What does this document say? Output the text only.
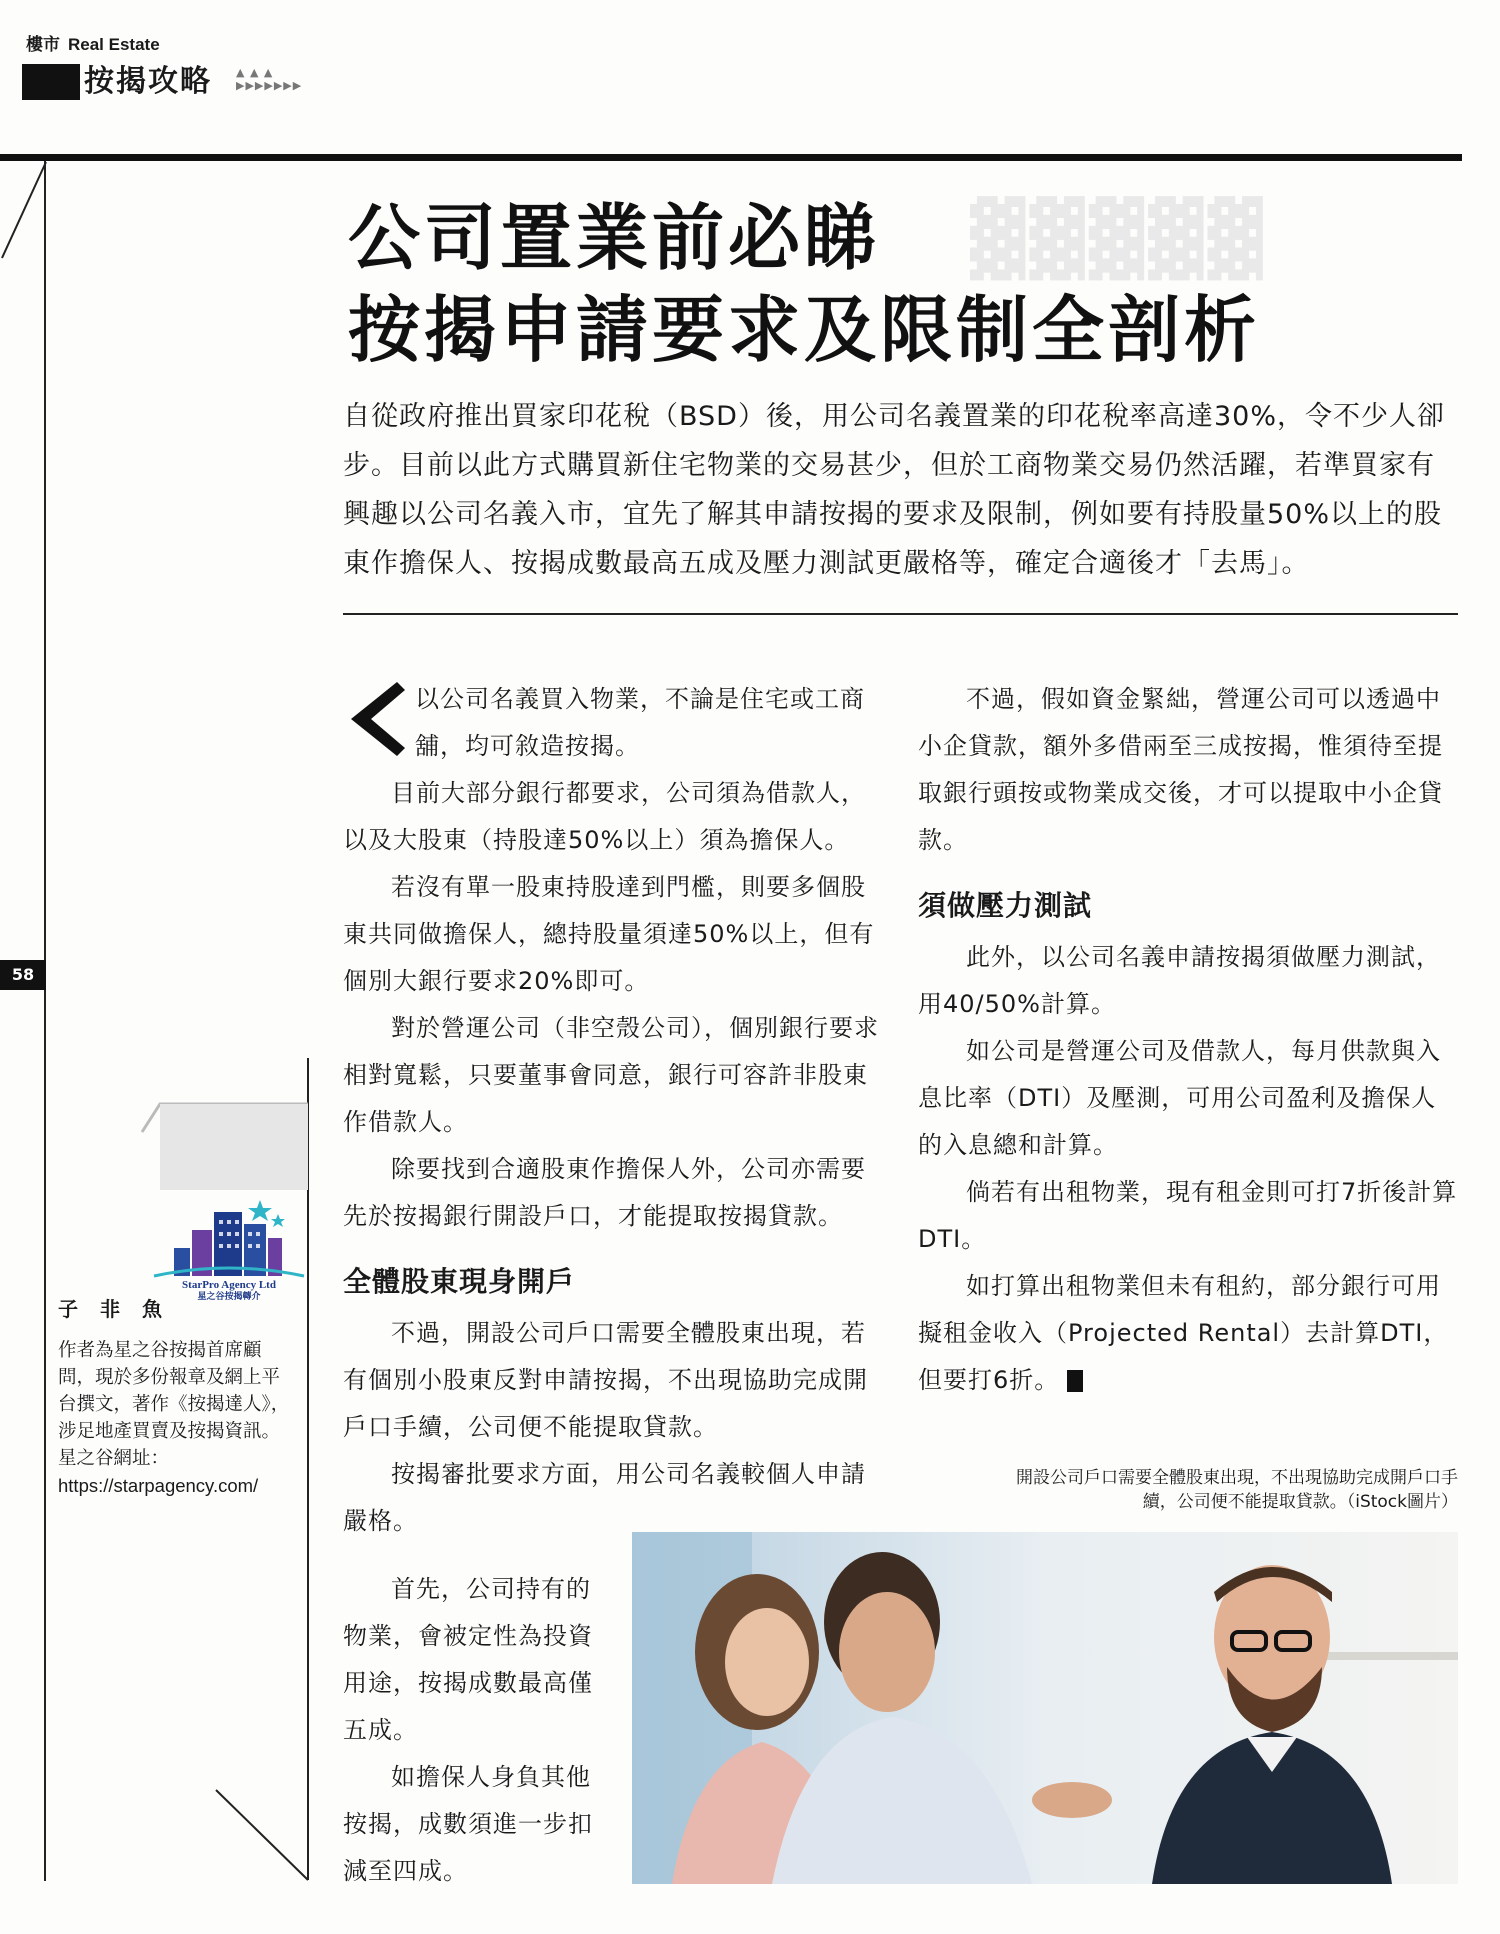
樓市 Real Estate
按揭攻略 ▲ ▲ ▲
▶▶▶▶▶▶▶
58
▓▓▓▓▓
公司置業前必睇
按揭申請要求及限制全剖析
自從政府推出買家印花稅（BSD）後，用公司名義置業的印花稅率高達30%，令不少人卻步。目前以此方式購買新住宅物業的交易甚少，但於工商物業交易仍然活躍，若準買家有興趣以公司名義入市，宜先了解其申請按揭的要求及限制，例如要有持股量50%以上的股東作擔保人、按揭成數最高五成及壓力測試更嚴格等，確定合適後才「去馬」。

以公司名義買入物業，不論是住宅或工商舖，均可敘造按揭。

目前大部分銀行都要求，公司須為借款人，以及大股東（持股達50%以上）須為擔保人。

若沒有單一股東持股達到門檻，則要多個股東共同做擔保人，總持股量須達50%以上，但有個別大銀行要求20%即可。

對於營運公司（非空殼公司），個別銀行要求相對寬鬆，只要董事會同意，銀行可容許非股東作借款人。

除要找到合適股東作擔保人外，公司亦需要先於按揭銀行開設戶口，才能提取按揭貸款。

全體股東現身開戶

不過，開設公司戶口需要全體股東出現，若有個別小股東反對申請按揭，不出現協助完成開戶口手續，公司便不能提取貸款。

按揭審批要求方面，用公司名義較個人申請嚴格。

首先，公司持有的物業，會被定性為投資用途，按揭成數最高僅五成。

如擔保人身負其他按揭，成數須進一步扣減至四成。

不過，假如資金緊絀，營運公司可以透過中小企貸款，額外多借兩至三成按揭，惟須待至提取銀行頭按或物業成交後，才可以提取中小企貸款。

須做壓力測試

此外，以公司名義申請按揭須做壓力測試，用40/50%計算。

如公司是營運公司及借款人，每月供款與入息比率（DTI）及壓測，可用公司盈利及擔保人的入息總和計算。

倘若有出租物業，現有租金則可打7折後計算DTI。

如打算出租物業但未有租約，部分銀行可用擬租金收入（Projected Rental）去計算DTI，但要打6折。

開設公司戶口需要全體股東出現，不出現協助完成開戶口手續，公司便不能提取貸款。（iStock圖片）
StarPro Agency Ltd
星之谷按揭轉介
子非魚
作者為星之谷按揭首席顧問，現於多份報章及網上平台撰文，著作《按揭達人》，涉足地產買賣及按揭資訊。
星之谷網址：
https://starpagency.com/
